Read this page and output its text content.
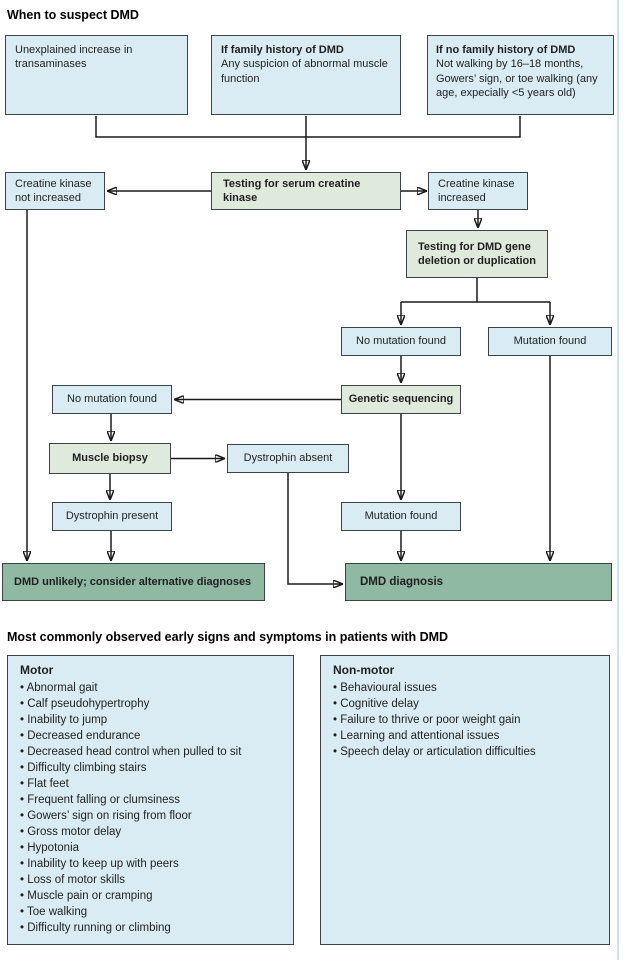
When to suspect DMD
Unexplained increase in transaminases
If family history of DMD
Any suspicion of abnormal muscle function
If no family history of DMD
Not walking by 16–18 months, Gowers’ sign, or toe walking (any age, expecially <5 years old)
Creatine kinase not increased
Testing for serum creatine kinase
Creatine kinase increased
Testing for DMD gene deletion or duplication
No mutation found	Mutation found
Genetic sequencing
No mutation found
Muscle biopsy	Dystrophin absent
Dystrophin present	Mutation found
DMD unlikely; consider alternative diagnoses	DMD diagnosis
Most commonly observed early signs and symptoms in patients with DMD
Motor
• Abnormal gait
• Calf pseudohypertrophy
• Inability to jump
• Decreased endurance
• Decreased head control when pulled to sit
• Difficulty climbing stairs
• Flat feet
• Frequent falling or clumsiness
• Gowers’ sign on rising from floor
• Gross motor delay
• Hypotonia
• Inability to keep up with peers
• Loss of motor skills
• Muscle pain or cramping
• Toe walking
• Difficulty running or climbing
Non-motor
• Behavioural issues
• Cognitive delay
• Failure to thrive or poor weight gain
• Learning and attentional issues
• Speech delay or articulation difficulties
